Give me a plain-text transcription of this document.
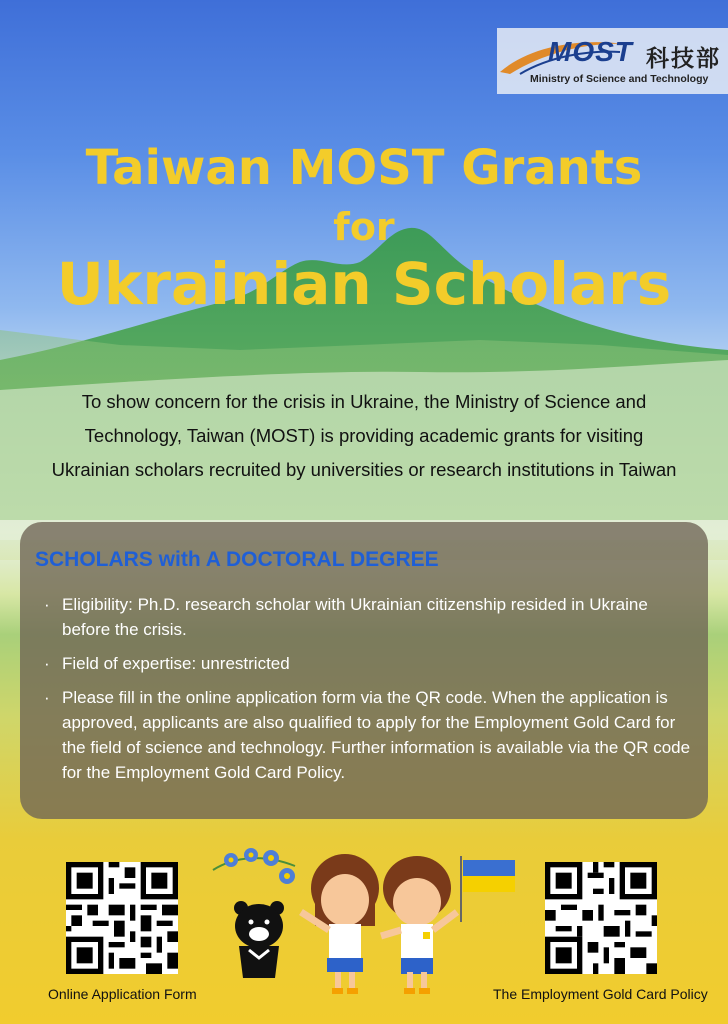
MOST 科技部
Ministry of Science and Technology
Taiwan MOST Grants
for
Ukrainian Scholars
To show concern for the crisis in Ukraine, the Ministry of Science and
Technology, Taiwan (MOST) is providing academic grants for visiting
Ukrainian scholars recruited by universities or research institutions in Taiwan
SCHOLARS with A DOCTORAL DEGREE
· Eligibility: Ph.D. research scholar with Ukrainian citizenship resided in Ukraine before the crisis.
· Field of expertise: unrestricted
· Please fill in the online application form via the QR code. When the application is approved, applicants are also qualified to apply for the Employment Gold Card for the field of science and technology. Further information is available via the QR code for the Employment Gold Card Policy.
Online Application Form	The Employment Gold Card Policy
